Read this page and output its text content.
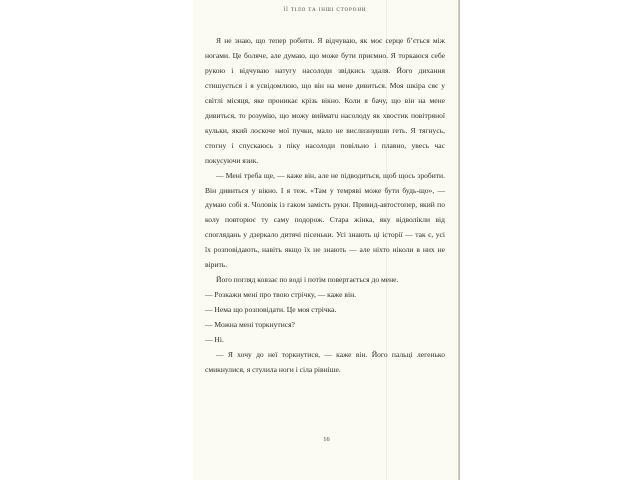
ЇЇ ТІЛО ТА ІНШІ СТОРОНИ

Я не знаю, що тепер робити. Я відчуваю, як моє серце б’ється між ногами. Це боляче, але думаю, що може бути приємно. Я торкаюся себе рукою і відчуваю натугу насолоди звідкись здаля. Його дихання стишується і я усвідомлюю, що він на мене дивиться. Моя шкіра сяє у світлі місяця, яке проникає крізь вікно. Коли я бачу, що він на мене дивиться, то розумію, що можу вийматu насолоду як хвостик повітряної кульки, який лоскоче мої пучки, мало не вислизнувши геть. Я тягнусь, стогну і спускаюсь з піку насолоди повільно і плавно, увесь час покусуючи язик.

— Мені треба ще, — каже він, але не підводиться, щоб щось зробити. Він дивиться у вікно. І я теж. «Там у темряві може бути будь-що», — думаю собі я. Чоловік із гаком замість руки. Привид-автостопер, який по колу повторює ту саму подорож. Стара жінка, яку відволікли від споглядань у дзеркало дитячі пісеньки. Усі знають ці історії — так є, усі їх розповідають, навіть якщо їх не знають — але ніхто ніколи в них не вірить.

Його погляд ковзає по воді і потім повертається до мене.

— Розкажи мені про твою стрічку, — каже він.

— Нема що розповідати. Це моя стрічка.

— Можна мені торкнутися?

— Ні.

— Я хочу до неї торкнутися, — каже він. Його пальці легенько смикнулися, я стулила ноги і сіла рівніше.

16
